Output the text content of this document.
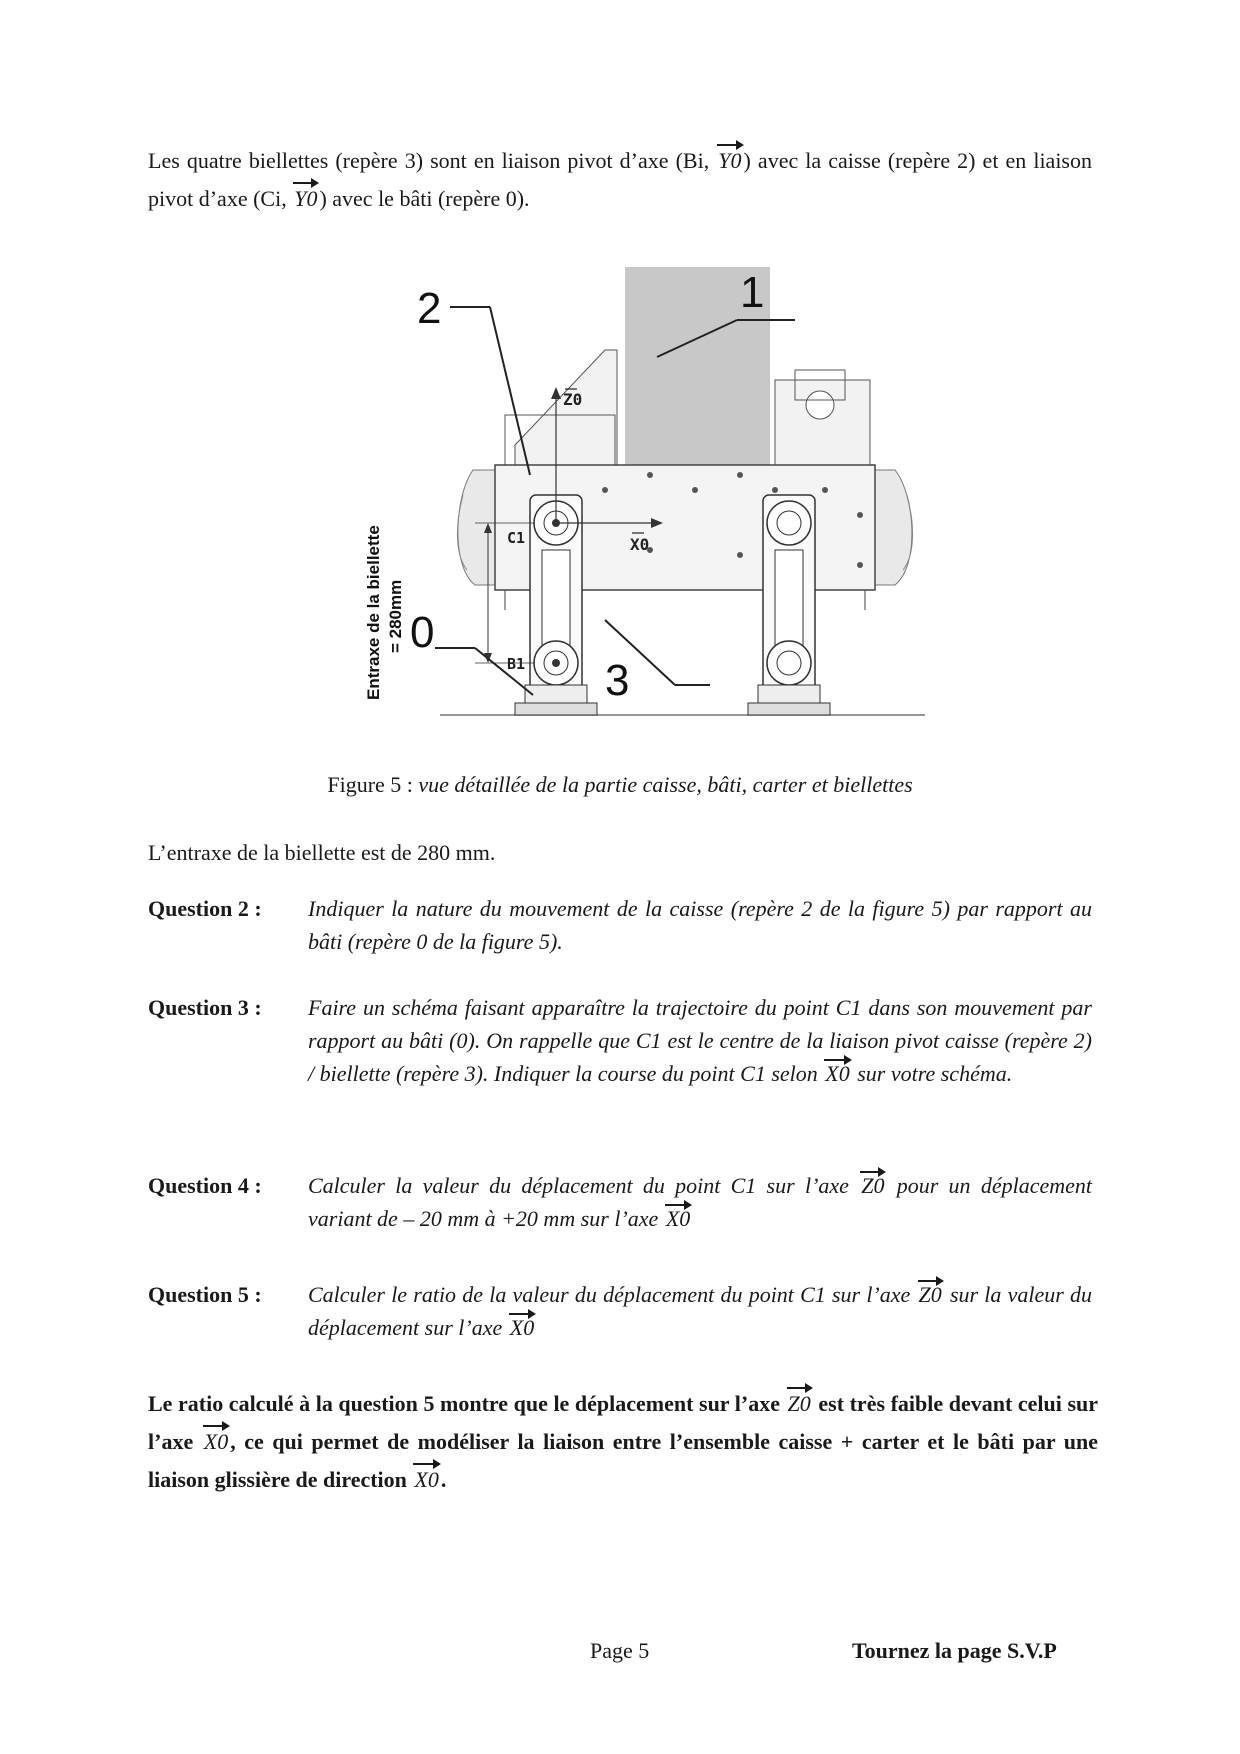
Les quatre biellettes (repère 3) sont en liaison pivot d’axe (Bi, Y0) avec la caisse (repère 2) et en liaison pivot d’axe (Ci, Y0) avec le bâti (repère 0).
2	1
3
0
Z0
X0
C1
B1
Entraxe de la biellette = 280mm
Figure 5 : vue détaillée de la partie caisse, bâti, carter et biellettes
L’entraxe de la biellette est de 280 mm.
Question 2 : Indiquer la nature du mouvement de la caisse (repère 2 de la figure 5) par rapport au bâti (repère 0 de la figure 5).
Question 3 : Faire un schéma faisant apparaître la trajectoire du point C1 dans son mouvement par rapport au bâti (0). On rappelle que C1 est le centre de la liaison pivot caisse (repère 2) / biellette (repère 3). Indiquer la course du point C1 selon X0 sur votre schéma.
Question 4 : Calculer la valeur du déplacement du point C1 sur l’axe Z0 pour un déplacement variant de – 20 mm à +20 mm sur l’axe X0
Question 5 : Calculer le ratio de la valeur du déplacement du point C1 sur l’axe Z0 sur la valeur du déplacement sur l’axe X0
Le ratio calculé à la question 5 montre que le déplacement sur l’axe Z0 est très faible devant celui sur l’axe X0, ce qui permet de modéliser la liaison entre l’ensemble caisse + carter et le bâti par une liaison glissière de direction X0.
Page 5	Tournez la page S.V.P
